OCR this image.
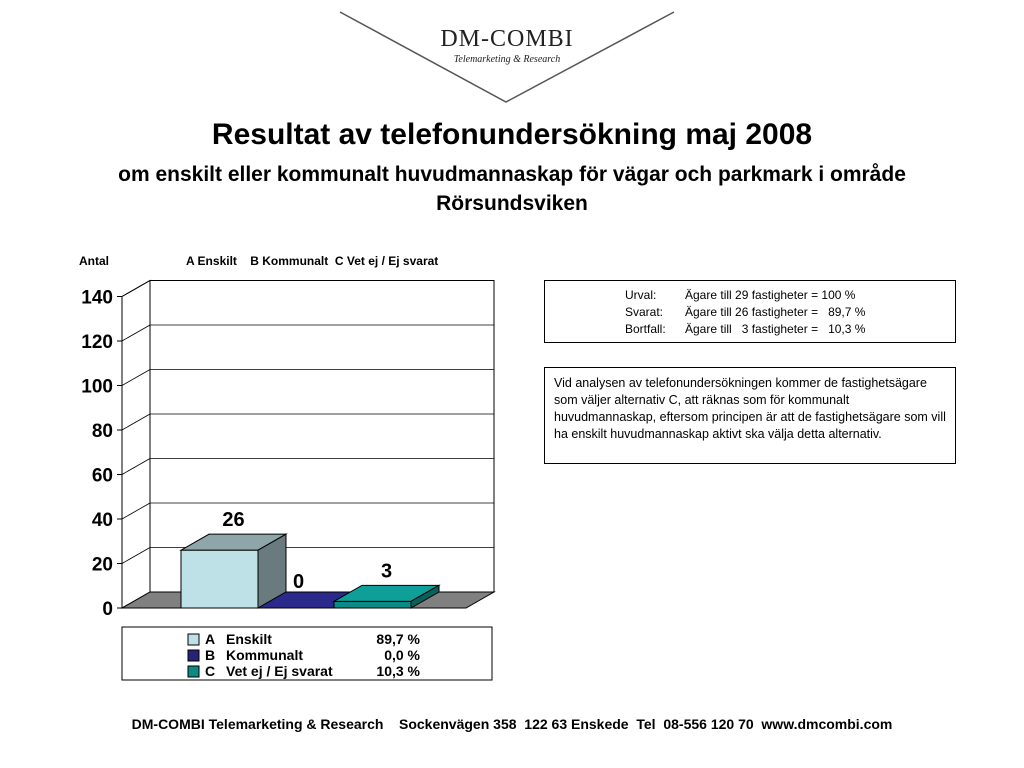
DM-COMBI
Telemarketing & Research
Resultat av telefonundersökning maj 2008
om enskilt eller kommunalt huvudmannaskap för vägar och parkmark i område Rörsundsviken
Antal	A Enskilt    B Kommunalt  C Vet ej / Ej svarat
0
20
40
60
80
100
120
140
26
0	3
A Enskilt	89,7 %
B Kommunalt	0,0 %
C Vet ej / Ej svarat	10,3 %
Urval:	Ägare till 29 fastigheter = 100 %
Svarat:	Ägare till 26 fastigheter =   89,7 %
Bortfall:	Ägare till   3 fastigheter =   10,3 %
Vid analysen av telefonundersökningen kommer de fastighetsägare som väljer alternativ C, att räknas som för kommunalt huvudmannaskap, eftersom principen är att de fastighetsägare som vill ha enskilt huvudmannaskap aktivt ska välja detta alternativ.
DM-COMBI Telemarketing & Research    Sockenvägen 358  122 63 Enskede  Tel  08-556 120 70  www.dmcombi.com
